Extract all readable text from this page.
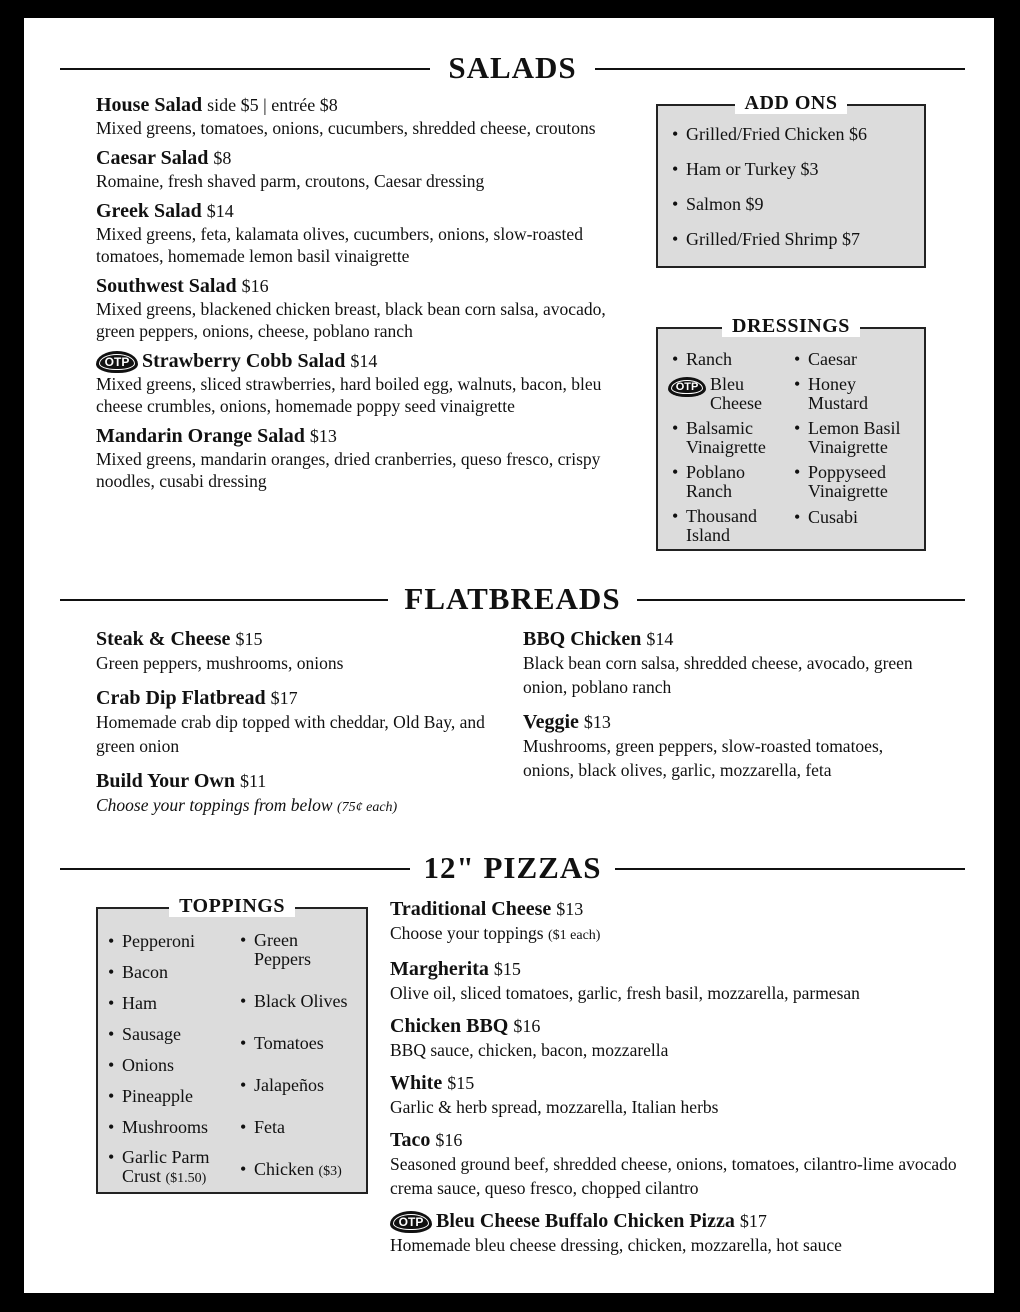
SALADS
House Salad side $5 | entrée $8
Mixed greens, tomatoes, onions, cucumbers, shredded cheese, croutons
Caesar Salad $8
Romaine, fresh shaved parm, croutons, Caesar dressing
Greek Salad $14
Mixed greens, feta, kalamata olives, cucumbers, onions, slow-roasted tomatoes, homemade lemon basil vinaigrette
Southwest Salad $16
Mixed greens, blackened chicken breast, black bean corn salsa, avocado, green peppers, onions, cheese, poblano ranch
OTP Strawberry Cobb Salad $14
Mixed greens, sliced strawberries, hard boiled egg, walnuts, bacon, bleu cheese crumbles, onions, homemade poppy seed vinaigrette
Mandarin Orange Salad $13
Mixed greens, mandarin oranges, dried cranberries, queso fresco, crispy noodles, cusabi dressing
ADD ONS
• Grilled/Fried Chicken $6
• Ham or Turkey $3
• Salmon $9
• Grilled/Fried Shrimp $7
DRESSINGS
• Ranch
• OTP Bleu Cheese
• Balsamic Vinaigrette
• Poblano Ranch
• Thousand Island
• Caesar
• Honey Mustard
• Lemon Basil Vinaigrette
• Poppyseed Vinaigrette
• Cusabi
FLATBREADS
Steak & Cheese $15
Green peppers, mushrooms, onions
Crab Dip Flatbread $17
Homemade crab dip topped with cheddar, Old Bay, and green onion
Build Your Own $11
Choose your toppings from below (75¢ each)
BBQ Chicken $14
Black bean corn salsa, shredded cheese, avocado, green onion, poblano ranch
Veggie $13
Mushrooms, green peppers, slow-roasted tomatoes, onions, black olives, garlic, mozzarella, feta
12" PIZZAS
TOPPINGS
• Pepperoni
• Bacon
• Ham
• Sausage
• Onions
• Pineapple
• Mushrooms
• Garlic Parm Crust ($1.50)
• Green Peppers
• Black Olives
• Tomatoes
• Jalapeños
• Feta
• Chicken ($3)
Traditional Cheese $13
Choose your toppings ($1 each)
Margherita $15
Olive oil, sliced tomatoes, garlic, fresh basil, mozzarella, parmesan
Chicken BBQ $16
BBQ sauce, chicken, bacon, mozzarella
White $15
Garlic & herb spread, mozzarella, Italian herbs
Taco $16
Seasoned ground beef, shredded cheese, onions, tomatoes, cilantro-lime avocado crema sauce, queso fresco, chopped cilantro
OTP Bleu Cheese Buffalo Chicken Pizza $17
Homemade bleu cheese dressing, chicken, mozzarella, hot sauce
